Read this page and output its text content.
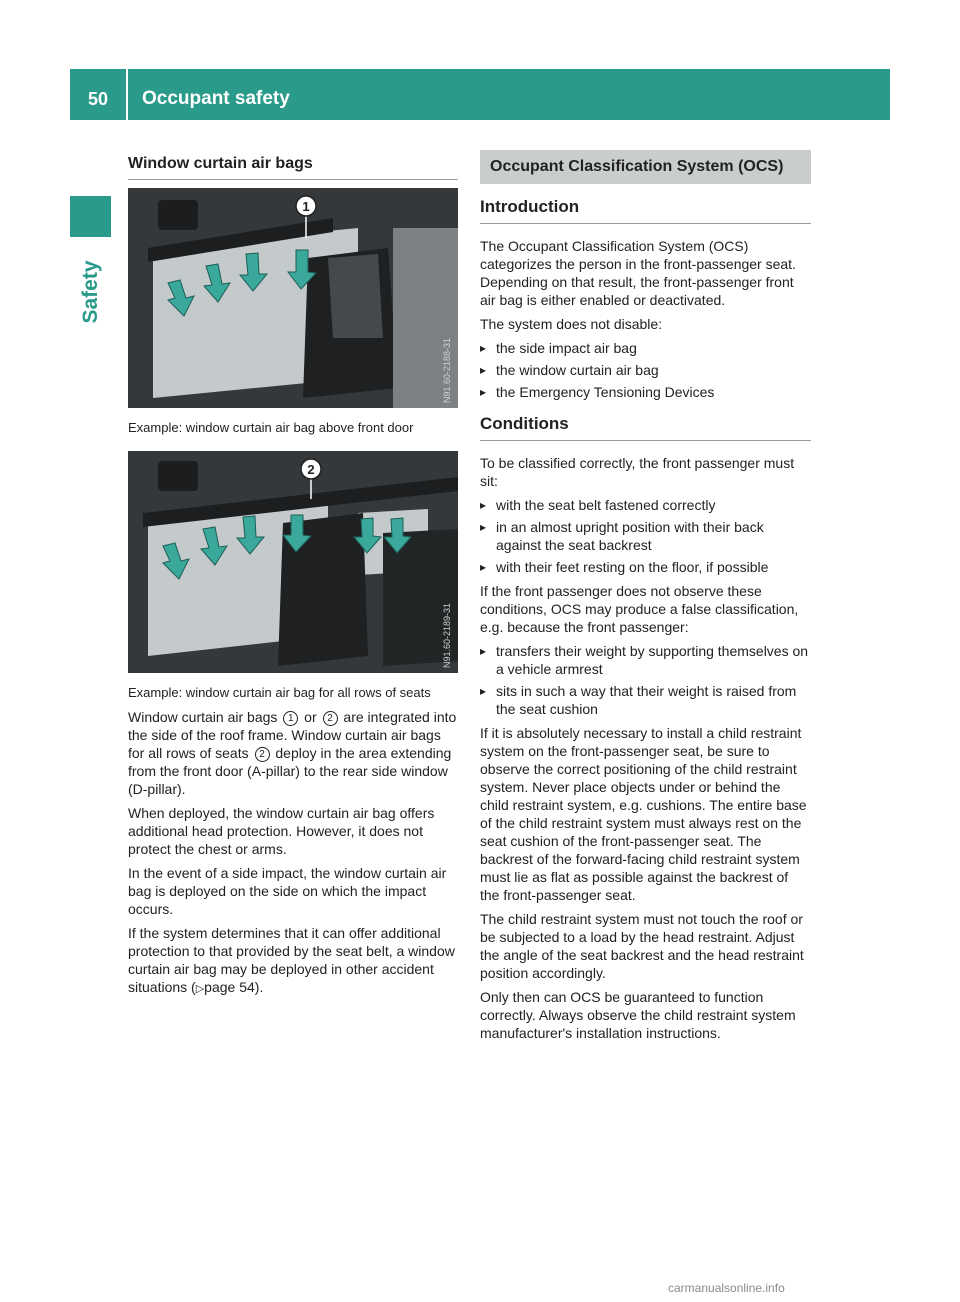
50	Occupant safety
Safety
Window curtain air bags
1
N91.60-2188-31
Example: window curtain air bag above front door
2
N91.60-2189-31
Example: window curtain air bag for all rows of seats

Window curtain air bags 1 or 2 are integrated into the side of the roof frame. Window curtain air bags for all rows of seats 2 deploy in the area extending from the front door (A-pillar) to the rear side window (D-pillar).

When deployed, the window curtain air bag offers additional head protection. However, it does not protect the chest or arms.

In the event of a side impact, the window curtain air bag is deployed on the side on which the impact occurs.

If the system determines that it can offer additional protection to that provided by the seat belt, a window curtain air bag may be deployed in other accident situations (▷page 54).

Occupant Classification System (OCS)
Introduction

The Occupant Classification System (OCS) categorizes the person in the front-passenger seat. Depending on that result, the front-passenger front air bag is either enabled or deactivated.

The system does not disable:

▸ the side impact air bag
▸ the window curtain air bag
▸ the Emergency Tensioning Devices
Conditions

To be classified correctly, the front passenger must sit:

▸ with the seat belt fastened correctly
▸ in an almost upright position with their back against the seat backrest
▸ with their feet resting on the floor, if possible

If the front passenger does not observe these conditions, OCS may produce a false classification, e.g. because the front passenger:

▸ transfers their weight by supporting themselves on a vehicle armrest
▸ sits in such a way that their weight is raised from the seat cushion

If it is absolutely necessary to install a child restraint system on the front-passenger seat, be sure to observe the correct positioning of the child restraint system. Never place objects under or behind the child restraint system, e.g. cushions. The entire base of the child restraint system must always rest on the seat cushion of the front-passenger seat. The backrest of the forward-facing child restraint system must lie as flat as possible against the backrest of the front-passenger seat.

The child restraint system must not touch the roof or be subjected to a load by the head restraint. Adjust the angle of the seat backrest and the head restraint position accordingly.

Only then can OCS be guaranteed to function correctly. Always observe the child restraint system manufacturer's installation instructions.

carmanualsonline.info
